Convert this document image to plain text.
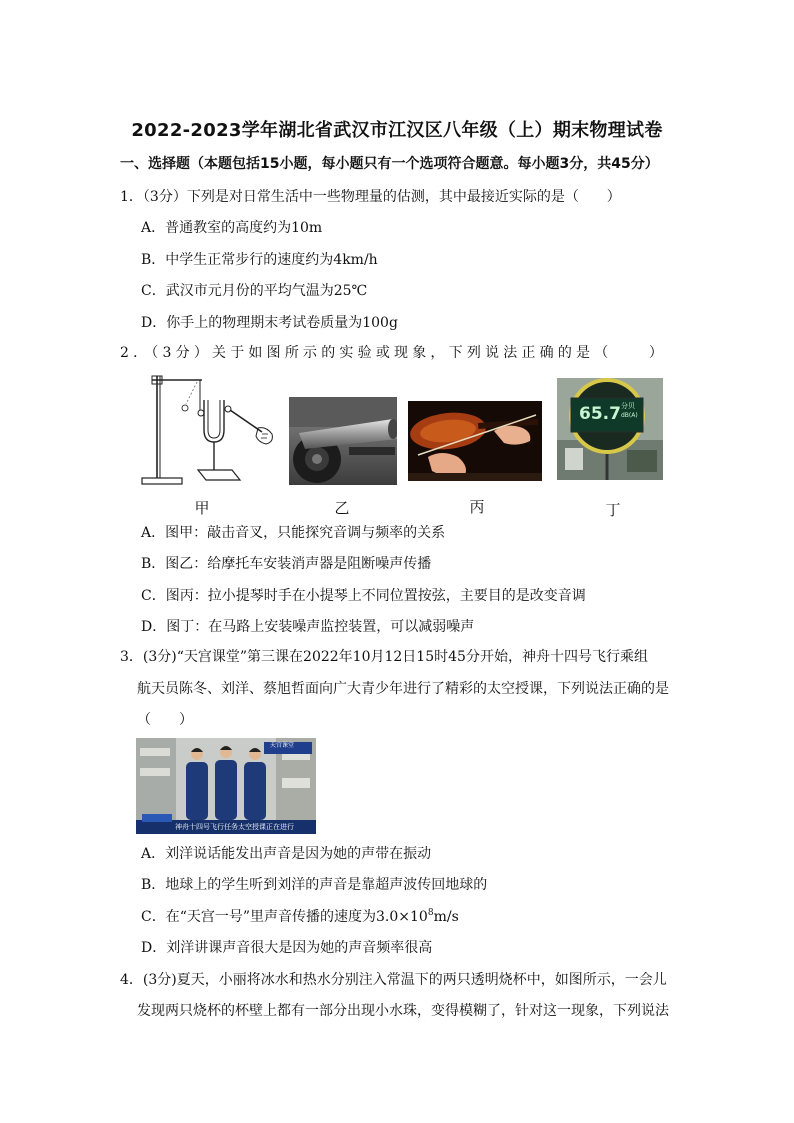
2022-2023学年湖北省武汉市江汉区八年级（上）期末物理试卷
一、选择题（本题包括15小题，每小题只有一个选项符合题意。每小题3分，共45分）
1．（3分）下列是对日常生活中一些物理量的估测，其中最接近实际的是（　　）
A．普通教室的高度约为10m
B．中学生正常步行的速度约为4km/h
C．武汉市元月份的平均气温为25℃
D．你手上的物理期末考试卷质量为100g
2．（3分）关于如图所示的实验或现象，下列说法正确的是（　　）
65.7 分贝
dB(A)
甲	乙	丙	丁
A．图甲：敲击音叉，只能探究音调与频率的关系
B．图乙：给摩托车安装消声器是阻断噪声传播
C．图丙：拉小提琴时手在小提琴上不同位置按弦，主要目的是改变音调
D．图丁：在马路上安装噪声监控装置，可以减弱噪声
3．(3分)“天宫课堂”第三课在2022年10月12日15时45分开始，神舟十四号飞行乘组
航天员陈冬、刘洋、蔡旭哲面向广大青少年进行了精彩的太空授课，下列说法正确的是
（　　）
神舟十四号飞行任务太空授课正在进行
天宫课堂
A．刘洋说话能发出声音是因为她的声带在振动
B．地球上的学生听到刘洋的声音是靠超声波传回地球的
C．在“天宫一号”里声音传播的速度为$3.0\times 10^8m/s$
D．刘洋讲课声音很大是因为她的声音频率很高
4．(3分)夏天，小丽将冰水和热水分别注入常温下的两只透明烧杯中，如图所示，一会儿
发现两只烧杯的杯壁上都有一部分出现小水珠，变得模糊了，针对这一现象，下列说法
